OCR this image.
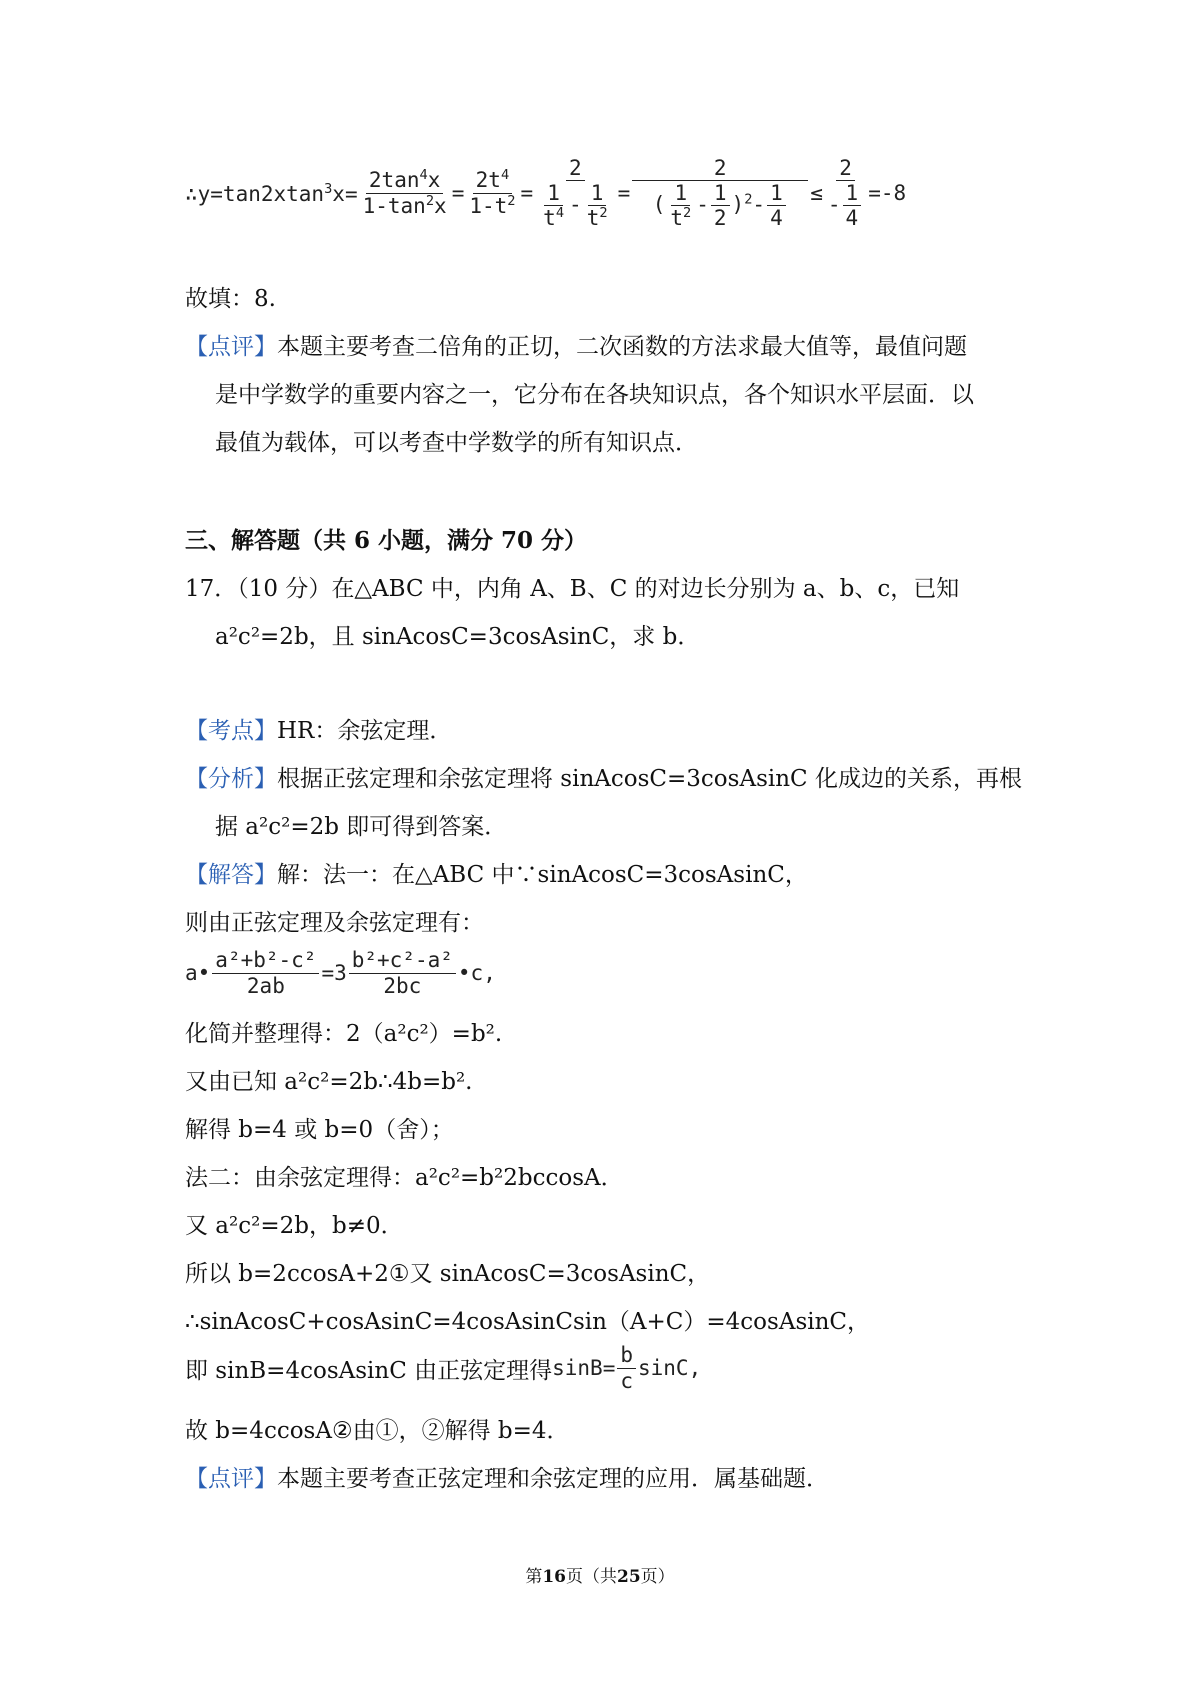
∴y=tan2xtan$^3$x= $\frac{2\tan^4x}{1-\tan^2x} = \frac{2t^4}{1-t^2} = \frac{2}{\frac{1}{t^4} - \frac{1}{t^2}} = \frac{2}{( \frac{1}{t^2} - \frac{1}{2} )^2- \frac{1}{4}} \le \frac{2}{- \frac{1}{4}} =-8$
故填：8.
【点评】本题主要考查二倍角的正切，二次函数的方法求最大值等，最值问题
是中学数学的重要内容之一，它分布在各块知识点，各个知识水平层面．以
最值为载体，可以考查中学数学的所有知识点．
三、解答题（共 6 小题，满分 70 分）
17．（10 分）在△ABC 中，内角 A、B、C 的对边长分别为 a、b、c，已知
a²c²=2b，且 sinAcosC=3cosAsinC，求 b．
【考点】HR：余弦定理．
【分析】根据正弦定理和余弦定理将 sinAcosC=3cosAsinC 化成边的关系，再根
据 a²c²=2b 即可得到答案．
【解答】解：法一：在△ABC 中∵sinAcosC=3cosAsinC，
则由正弦定理及余弦定理有：
a• $\frac{\text{a²+b²-c²}}{2ab} =3 \frac{\text{b²+c²-a²}}{2bc}$ •c,
化简并整理得：2（a²c²）=b².
又由已知 a²c²=2b∴4b=b².
解得 b=4 或 b=0（舍）；
法二：由余弦定理得：a²c²=b²2bccosA．
又 a²c²=2b，b≠0．
所以 b=2ccosA+2①又 sinAcosC=3cosAsinC，
∴sinAcosC+cosAsinC=4cosAsinCsin（A+C）=4cosAsinC，
即 sinB=4cosAsinC 由正弦定理得 $\sin B= \frac{b}{c} \sin C$,
故 b=4ccosA②由①，②解得 b=4．
【点评】本题主要考查正弦定理和余弦定理的应用．属基础题．
第16页（共25页）
